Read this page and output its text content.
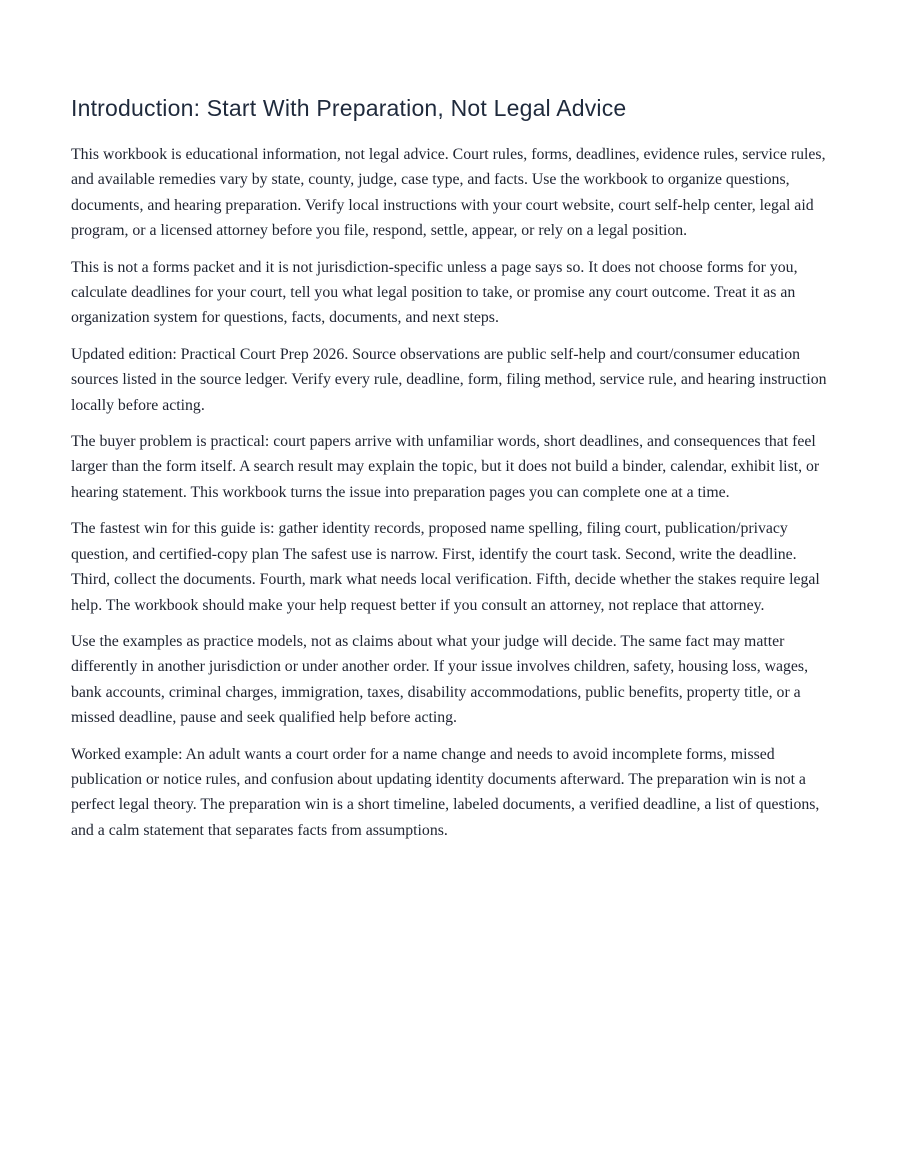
Introduction: Start With Preparation, Not Legal Advice

This workbook is educational information, not legal advice. Court rules, forms, deadlines, evidence rules, service rules, and available remedies vary by state, county, judge, case type, and facts. Use the workbook to organize questions, documents, and hearing preparation. Verify local instructions with your court website, court self-help center, legal aid program, or a licensed attorney before you file, respond, settle, appear, or rely on a legal position.

This is not a forms packet and it is not jurisdiction-specific unless a page says so. It does not choose forms for you, calculate deadlines for your court, tell you what legal position to take, or promise any court outcome. Treat it as an organization system for questions, facts, documents, and next steps.

Updated edition: Practical Court Prep 2026. Source observations are public self-help and court/consumer education sources listed in the source ledger. Verify every rule, deadline, form, filing method, service rule, and hearing instruction locally before acting.

The buyer problem is practical: court papers arrive with unfamiliar words, short deadlines, and consequences that feel larger than the form itself. A search result may explain the topic, but it does not build a binder, calendar, exhibit list, or hearing statement. This workbook turns the issue into preparation pages you can complete one at a time.

The fastest win for this guide is: gather identity records, proposed name spelling, filing court, publication/privacy question, and certified-copy plan The safest use is narrow. First, identify the court task. Second, write the deadline. Third, collect the documents. Fourth, mark what needs local verification. Fifth, decide whether the stakes require legal help. The workbook should make your help request better if you consult an attorney, not replace that attorney.

Use the examples as practice models, not as claims about what your judge will decide. The same fact may matter differently in another jurisdiction or under another order. If your issue involves children, safety, housing loss, wages, bank accounts, criminal charges, immigration, taxes, disability accommodations, public benefits, property title, or a missed deadline, pause and seek qualified help before acting.

Worked example: An adult wants a court order for a name change and needs to avoid incomplete forms, missed publication or notice rules, and confusion about updating identity documents afterward. The preparation win is not a perfect legal theory. The preparation win is a short timeline, labeled documents, a verified deadline, a list of questions, and a calm statement that separates facts from assumptions.
